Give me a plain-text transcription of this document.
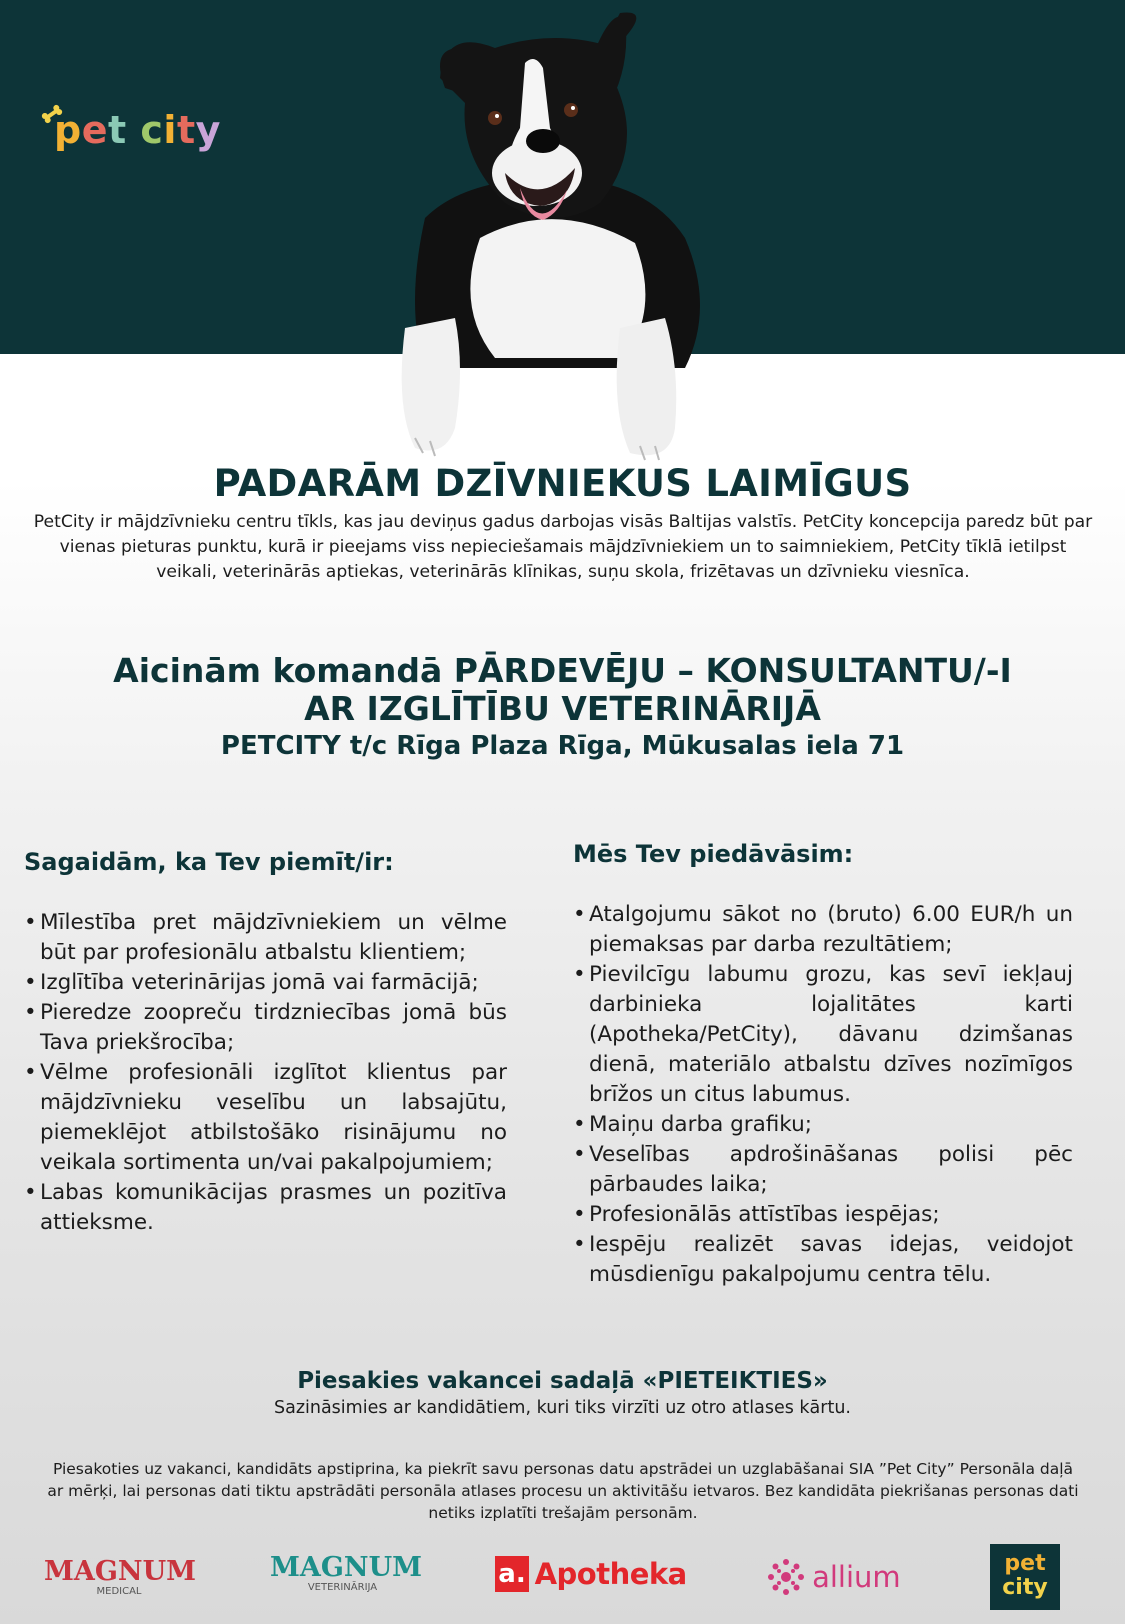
pet city
PADARĀM DZĪVNIEKUS LAIMĪGUS
PetCity ir mājdzīvnieku centru tīkls, kas jau deviņus gadus darbojas visās Baltijas valstīs. PetCity koncepcija paredz būt par
vienas pieturas punktu, kurā ir pieejams viss nepieciešamais mājdzīvniekiem un to saimniekiem, PetCity tīklā ietilpst
veikali, veterinārās aptiekas, veterinārās klīnikas, suņu skola, frizētavas un dzīvnieku viesnīca.
Aicinām komandā PĀRDEVĒJU – KONSULTANTU/-I
AR IZGLĪTĪBU VETERINĀRIJĀ
PETCITY t/c Rīga Plaza Rīga, Mūkusalas iela 71
Sagaidām, ka Tev piemīt/ir:
• Mīlestība pret mājdzīvniekiem un vēlme būt par profesionālu atbalstu klientiem;
• Izglītība veterinārijas jomā vai farmācijā;
• Pieredze zoopreču tirdzniecības jomā būs Tava priekšrocība;
• Vēlme profesionāli izglītot klientus par mājdzīvnieku veselību un labsajūtu, piemeklējot atbilstošāko risinājumu no veikala sortimenta un/vai pakalpojumiem;
• Labas komunikācijas prasmes un pozitīva attieksme.
Mēs Tev piedāvāsim:
• Atalgojumu sākot no (bruto) 6.00 EUR/h un piemaksas par darba rezultātiem;
• Pievilcīgu labumu grozu, kas sevī iekļauj darbinieka lojalitātes karti (Apotheka/PetCity), dāvanu dzimšanas dienā, materiālo atbalstu dzīves nozīmīgos brīžos un citus labumus.
• Maiņu darba grafiku;
• Veselības apdrošināšanas polisi pēc pārbaudes laika;
• Profesionālās attīstības iespējas;
• Iespēju realizēt savas idejas, veidojot mūsdienīgu pakalpojumu centra tēlu.
Piesakies vakancei sadaļā «PIETEIKTIES»
Sazināsimies ar kandidātiem, kuri tiks virzīti uz otro atlases kārtu.
Piesakoties uz vakanci, kandidāts apstiprina, ka piekrīt savu personas datu apstrādei un uzglabāšanai SIA ”Pet City” Personāla daļā
ar mērķi, lai personas dati tiktu apstrādāti personāla atlases procesu un aktivitāšu ietvaros. Bez kandidāta piekrišanas personas dati
netiks izplatīti trešajām personām.
MAGNUM
MEDICAL
MAGNUM
VETERINĀRIJA	a. Apotheka	allium	pet
city
